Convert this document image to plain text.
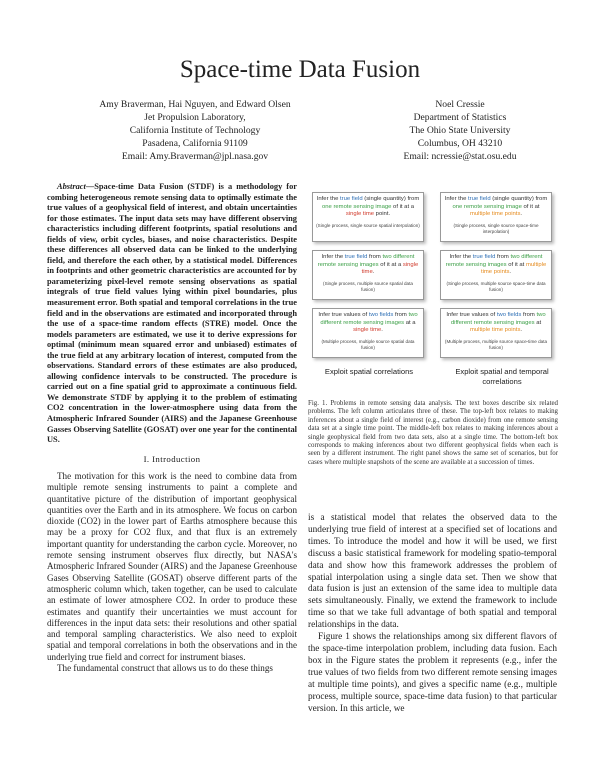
Space-time Data Fusion
Amy Braverman, Hai Nguyen, and Edward Olsen
Jet Propulsion Laboratory,
California Institute of Technology
Pasadena, California 91109
Email: Amy.Braverman@jpl.nasa.gov
Noel Cressie
Department of Statistics
The Ohio State University
Columbus, OH 43210
Email: ncressie@stat.osu.edu

Abstract—Space-time Data Fusion (STDF) is a methodology for combing heterogeneous remote sensing data to optimally estimate the true values of a geophysical field of interest, and obtain uncertainties for those estimates. The input data sets may have different observing characteristics including different footprints, spatial resolutions and fields of view, orbit cycles, biases, and noise characteristics. Despite these differences all observed data can be linked to the underlying field, and therefore the each other, by a statistical model. Differences in footprints and other geometric characteristics are accounted for by parameterizing pixel-level remote sensing observations as spatial integrals of true field values lying within pixel boundaries, plus measurement error. Both spatial and temporal correlations in the true field and in the observations are estimated and incorporated through the use of a space-time random effects (STRE) model. Once the models parameters are estimated, we use it to derive expressions for optimal (minimum mean squared error and unbiased) estimates of the true field at any arbitrary location of interest, computed from the observations. Standard errors of these estimates are also produced, allowing confidence intervals to be constructed. The procedure is carried out on a fine spatial grid to approximate a continuous field. We demonstrate STDF by applying it to the problem of estimating CO2 concentration in the lower-atmosphere using data from the Atmospheric Infrared Sounder (AIRS) and the Japanese Greenhouse Gasses Observing Satellite (GOSAT) over one year for the continental US.

I. Introduction

The motivation for this work is the need to combine data from multiple remote sensing instruments to paint a complete and quantitative picture of the distribution of important geophysical quantities over the Earth and in its atmosphere. We focus on carbon dioxide (CO2) in the lower part of Earths atmosphere because this may be a proxy for CO2 flux, and that flux is an extremely important quantity for understanding the carbon cycle. Moreover, no remote sensing instrument observes flux directly, but NASA's Atmospheric Infrared Sounder (AIRS) and the Japanese Greenhouse Gases Observing Satellite (GOSAT) observe different parts of the atmospheric column which, taken together, can be used to calculate an estimate of lower atmosphere CO2. In order to produce these estimates and quantify their uncertainties we must account for differences in the input data sets: their resolutions and other spatial and temporal sampling characteristics. We also need to exploit spatial and temporal correlations in both the observations and in the underlying true field and correct for instrument biases.

The fundamental construct that allows us to do these things

Infer the true field (single quantity) from one remote sensing image of it at a single time point.
(Single process, single source spatial interpolation)
Infer the true field (single quantity) from one remote sensing image of it at multiple time points.
(Single process, single source space-time interpolation)
Infer the true field from two different remote sensing images of it at a single time.
(Single process, multiple source spatial data fusion)
Infer the true field from two different remote sensing images of it at multiple time points.
(Single process, multiple source space-time data fusion)
Infer true values of two fields from two different remote sensing images at a single time.
(Multiple process, multiple source spatial data fusion)
Infer true values of two fields from two different remote sensing images at multiple time points.
(Multiple process, multiple source space-time data fusion)
Exploit spatial correlations	Exploit spatial and temporal correlations
Fig. 1. Problems in remote sensing data analysis. The text boxes describe six related problems. The left column articulates three of these. The top-left box relates to making inferences about a single field of interest (e.g., carbon dioxide) from one remote sensing data set at a single time point. The middle-left box relates to making inferences about a single geophysical field from two data sets, also at a single time. The bottom-left box corresponds to making inferences about two different geophysical fields when each is seen by a different instrument. The right panel shows the same set of scenarios, but for cases where multiple snapshots of the scene are available at a succession of times.

is a statistical model that relates the observed data to the underlying true field of interest at a specified set of locations and times. To introduce the model and how it will be used, we first discuss a basic statistical framework for modeling spatio-temporal data and show how this framework addresses the problem of spatial interpolation using a single data set. Then we show that data fusion is just an extension of the same idea to multiple data sets simultaneously. Finally, we extend the framework to include time so that we take full advantage of both spatial and temporal relationships in the data.

Figure 1 shows the relationships among six different flavors of the space-time interpolation problem, including data fusion. Each box in the Figure states the problem it represents (e.g., infer the true values of two fields from two different remote sensing images at multiple time points), and gives a specific name (e.g., multiple process, multiple source, space-time data fusion) to that particular version. In this article, we
